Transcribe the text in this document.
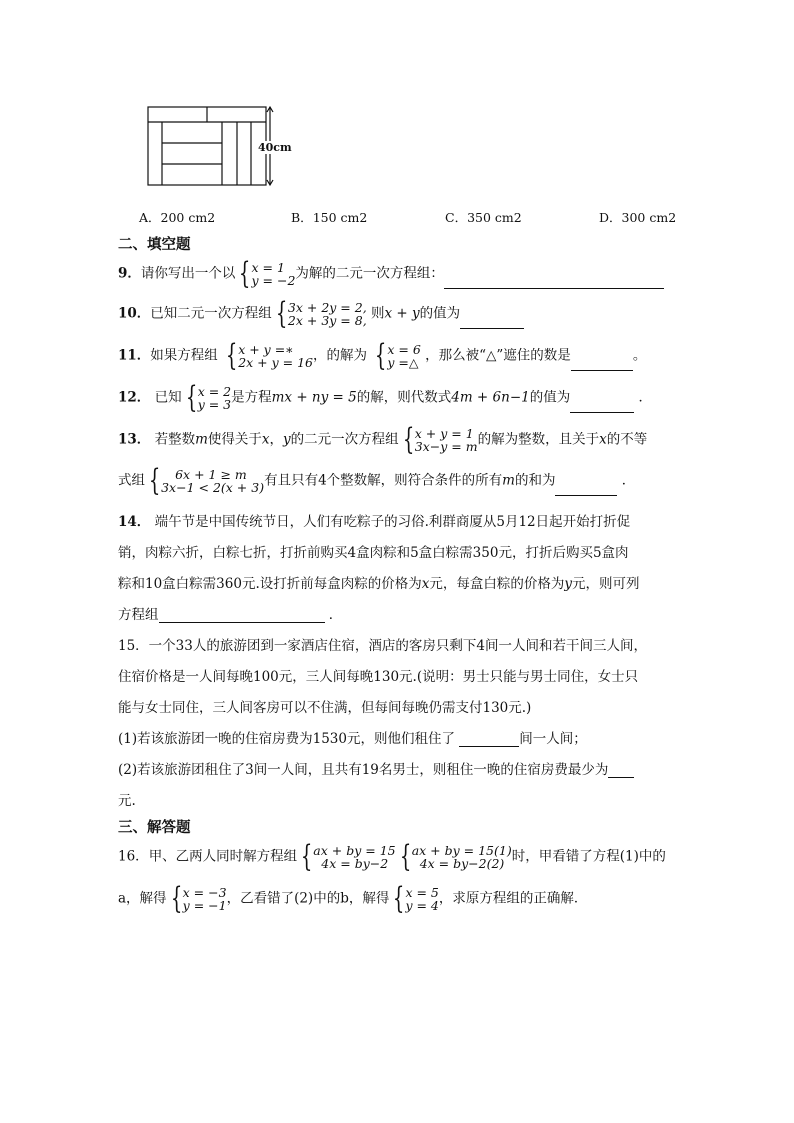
40cm
A．200 cm2	B．150 cm2	C．350 cm2	D．300 cm2
二、填空题
9．请你写出一个以 { x = 1
y = −2 为解的二元一次方程组：
10．已知二元一次方程组 { 3x + 2y = 2,
2x + 3y = 8, 则x + y的值为
11．如果方程组 { x + y =∗
2x + y = 16 ，的解为 { x = 6
y =△ ，那么被“△”遮住的数是	。
12． 已知 { x = 2
y = 3 是方程mx + ny = 5的解，则代数式4m + 6n−1的值为	．
13． 若整数m使得关于x，y的二元一次方程组 { x + y = 1
3x−y = m 的解为整数，且关于x的不等
式组 {	6x + 1 ≥ m
3x−1 < 2(x + 3) 有且只有4个整数解，则符合条件的所有m的和为	．
14． 端午节是中国传统节日，人们有吃粽子的习俗.利群商厦从5月12日起开始打折促
销，肉粽六折，白粽七折，打折前购买4盒肉粽和5盒白粽需350元，打折后购买5盒肉
粽和10盒白粽需360元.设打折前每盒肉粽的价格为x元，每盒白粽的价格为y元，则可列
方程组	．
15．一个33人的旅游团到一家酒店住宿，酒店的客房只剩下4间一人间和若干间三人间，
住宿价格是一人间每晚100元，三人间每晚130元.(说明：男士只能与男士同住，女士只
能与女士同住，三人间客房可以不住满，但每间每晚仍需支付130元.)
(1)若该旅游团一晚的住宿房费为1530元，则他们租住了	间一人间；
(2)若该旅游团租住了3间一人间，且共有19名男士，则租住一晚的住宿房费最少为
元.
三、解答题
16．甲、乙两人同时解方程组 { ax + by = 15
4x = by−2 { ax + by = 15(1)
4x = by−2(2) 时，甲看错了方程(1)中的
a，解得 { x = −3
y = −1 ，乙看错了(2)中的b，解得 { x = 5
y = 4 ，求原方程组的正确解．
